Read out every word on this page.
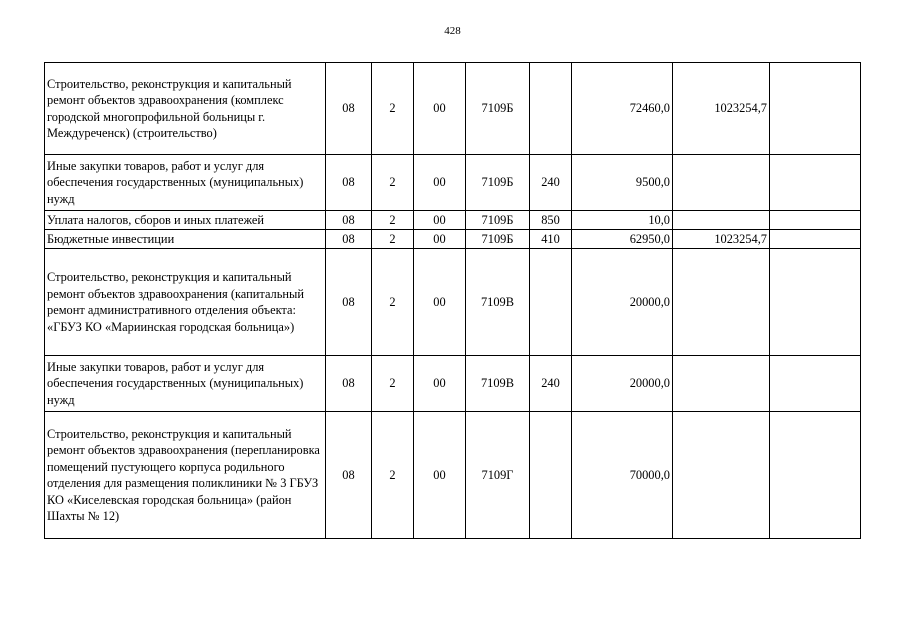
428
Строительство, реконструкция и капитальный ремонт объектов здравоохранения (комплекс городской многопрофильной больницы г. Междуреченск) (строительство)	08	2	00	7109Б		72460,0	1023254,7	
Иные закупки товаров, работ и услуг для обеспечения государственных (муниципальных) нужд	08	2	00	7109Б	240	9500,0		
Уплата налогов, сборов и иных платежей	08	2	00	7109Б	850	10,0		
Бюджетные инвестиции	08	2	00	7109Б	410	62950,0	1023254,7	
Строительство, реконструкция и капитальный ремонт объектов здравоохранения (капитальный ремонт административного отделения объекта: «ГБУЗ КО «Мариинская городская больница»)	08	2	00	7109В		20000,0		
Иные закупки товаров, работ и услуг для обеспечения государственных (муниципальных) нужд	08	2	00	7109В	240	20000,0		
Строительство, реконструкция и капитальный ремонт объектов здравоохранения (перепланировка помещений пустующего корпуса родильного отделения для размещения поликлиники № 3 ГБУЗ КО «Киселевская городская больница» (район Шахты № 12)	08	2	00	7109Г		70000,0		
